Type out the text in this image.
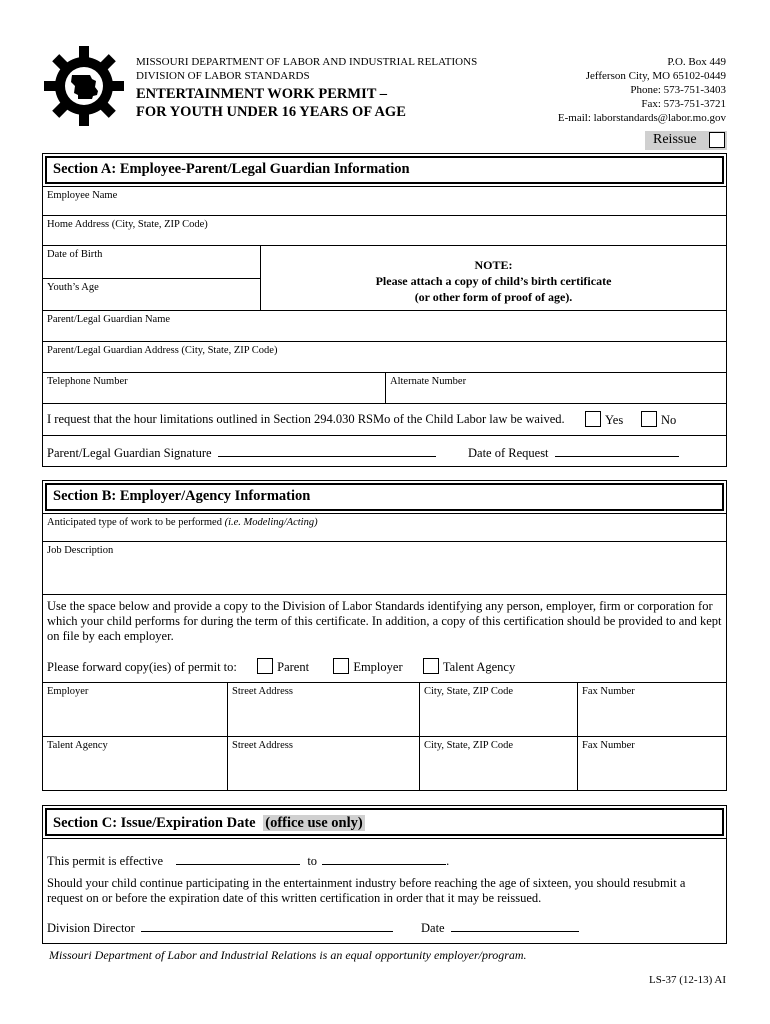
MISSOURI DEPARTMENT OF LABOR AND INDUSTRIAL RELATIONS
DIVISION OF LABOR STANDARDS
ENTERTAINMENT WORK PERMIT –
FOR YOUTH UNDER 16 YEARS OF AGE
P.O. Box 449
Jefferson City, MO 65102-0449
Phone: 573-751-3403
Fax: 573-751-3721
E-mail: laborstandards@labor.mo.gov
Reissue
Section A: Employee-Parent/Legal Guardian Information
Employee Name
Home Address (City, State, ZIP Code)
Date of Birth
Youth’s Age
NOTE:
Please attach a copy of child’s birth certificate
(or other form of proof of age).
Parent/Legal Guardian Name
Parent/Legal Guardian Address (City, State, ZIP Code)
Telephone Number	Alternate Number
I request that the hour limitations outlined in Section 294.030 RSMo of the Child Labor law be waived.	Yes	No
Parent/Legal Guardian Signature	Date of Request
Section B: Employer/Agency Information
Anticipated type of work to be performed (i.e. Modeling/Acting)
Job Description
Use the space below and provide a copy to the Division of Labor Standards identifying any person, employer, firm or corporation for which your child performs for during the term of this certificate. In addition, a copy of this certification should be provided to and kept on file by each employer.
Please forward copy(ies) of permit to:	Parent	Employer	Talent Agency
Employer	Street Address	City, State, ZIP Code	Fax Number
Talent Agency	Street Address	City, State, ZIP Code	Fax Number
Section C: Issue/Expiration Date (office use only)
This permit is effective	to	.
Should your child continue participating in the entertainment industry before reaching the age of sixteen, you should resubmit a request on or before the expiration date of this written certification in order that it may be reissued.
Division Director	Date
Missouri Department of Labor and Industrial Relations is an equal opportunity employer/program.
LS-37 (12-13) AI
